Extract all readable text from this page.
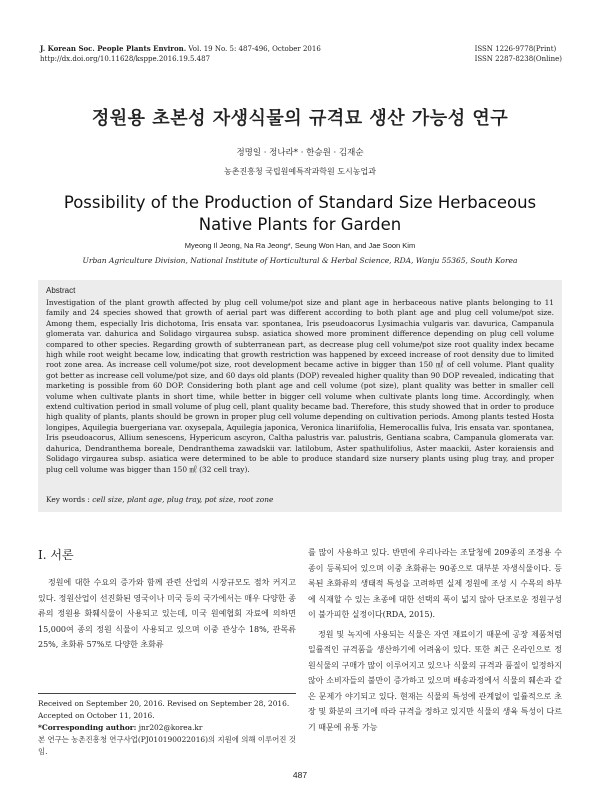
J. Korean Soc. People Plants Environ. Vol. 19 No. 5: 487-496, October 2016
http://dx.doi.org/10.11628/ksppe.2016.19.5.487
ISSN 1226-9778(Print)
ISSN 2287-8238(Online)
정원용 초본성 자생식물의 규격묘 생산 가능성 연구
정명일 · 정나라* · 한승원 · 김재순
농촌진흥청 국립원예특작과학원 도시농업과
Possibility of the Production of Standard Size Herbaceous
Native Plants for Garden
Myeong Il Jeong, Na Ra Jeong*, Seung Won Han, and Jae Soon Kim
Urban Agriculture Division, National Institute of Horticultural & Herbal Science, RDA, Wanju 55365, South Korea
Abstract
Investigation of the plant growth affected by plug cell volume/pot size and plant age in herbaceous native plants belonging to 11 family and 24 species showed that growth of aerial part was different according to both plant age and plug cell volume/pot size. Among them, especially Iris dichotoma, Iris ensata var. spontanea, Iris pseudoacorus Lysimachia vulgaris var. davurica, Campanula glomerata var. dahurica and Solidago virgaurea subsp. asiatica showed more prominent difference depending on plug cell volume compared to other species. Regarding growth of subterranean part, as decrease plug cell volume/pot size root quality index became high while root weight became low, indicating that growth restriction was happened by exceed increase of root density due to limited root zone area. As increase cell volume/pot size, root development became active in bigger than 150 ㎖ of cell volume. Plant quality got better as increase cell volume/pot size, and 60 days old plants (DOP) revealed higher quality than 90 DOP revealed, indicating that marketing is possible from 60 DOP. Considering both plant age and cell volume (pot size), plant quality was better in smaller cell volume when cultivate plants in short time, while better in bigger cell volume when cultivate plants long time. Accordingly, when extend cultivation period in small volume of plug cell, plant quality became bad. Therefore, this study showed that in order to produce high quality of plants, plants should be grown in proper plug cell volume depending on cultivation periods. Among plants tested Hosta longipes, Aquilegia buergeriana var. oxysepala, Aquilegia japonica, Veronica linariifolia, Hemerocallis fulva, Iris ensata var. spontanea, Iris pseudoacorus, Allium senescens, Hypericum ascyron, Caltha palustris var. palustris, Gentiana scabra, Campanula glomerata var. dahurica, Dendranthema boreale, Dendranthema zawadskii var. latilobum, Aster spathulifolius, Aster maackii, Aster koraiensis and Solidago virgaurea subsp. asiatica were determined to be able to produce standard size nursery plants using plug tray, and proper plug cell volume was bigger than 150 ㎖ (32 cell tray).
Key words : cell size, plant age, plug tray, pot size, root zone
Ⅰ. 서론

정원에 대한 수요의 증가와 함께 관련 산업의 시장규모도 점차 커지고 있다. 정원산업이 선진화된 영국이나 미국 등의 국가에서는 매우 다양한 종류의 정원용 화훼식물이 사용되고 있는데, 미국 원예협회 자료에 의하면 15,000여 종의 정원 식물이 사용되고 있으며 이중 관상수 18%, 관목류 25%, 초화류 57%로 다양한 초화류

Received on September 20, 2016. Revised on September 28, 2016. Accepted on October 11, 2016.
*Corresponding author: jnr202@korea.kr
본 연구는 농촌진흥청 연구사업(PJ010190022016)의 지원에 의해 이루어진 것임.

를 많이 사용하고 있다. 반면에 우리나라는 조달청에 209종의 조경용 수종이 등록되어 있으며 이중 초화류는 90종으로 대부분 자생식물이다. 등록된 초화류의 생태적 특성을 고려하면 실제 정원에 조성 시 수목의 하부에 식재할 수 있는 초종에 대한 선택의 폭이 넓지 않아 단조로운 정원구성이 불가피한 실정이다(RDA, 2015).

정원 및 녹지에 사용되는 식물은 자연 재료이기 때문에 공장 제품처럼 일률적인 규격품을 생산하기에 어려움이 있다. 또한 최근 온라인으로 정원식물의 구매가 많이 이루어지고 있으나 식물의 규격과 품질이 일정하지 않아 소비자들의 불만이 증가하고 있으며 배송과정에서 식물의 훼손과 같은 문제가 야기되고 있다. 현재는 식물의 특성에 관계없이 일률적으로 초장 및 화분의 크기에 따라 규격을 정하고 있지만 식물의 생육 특성이 다르기 때문에 유통 가능

487
